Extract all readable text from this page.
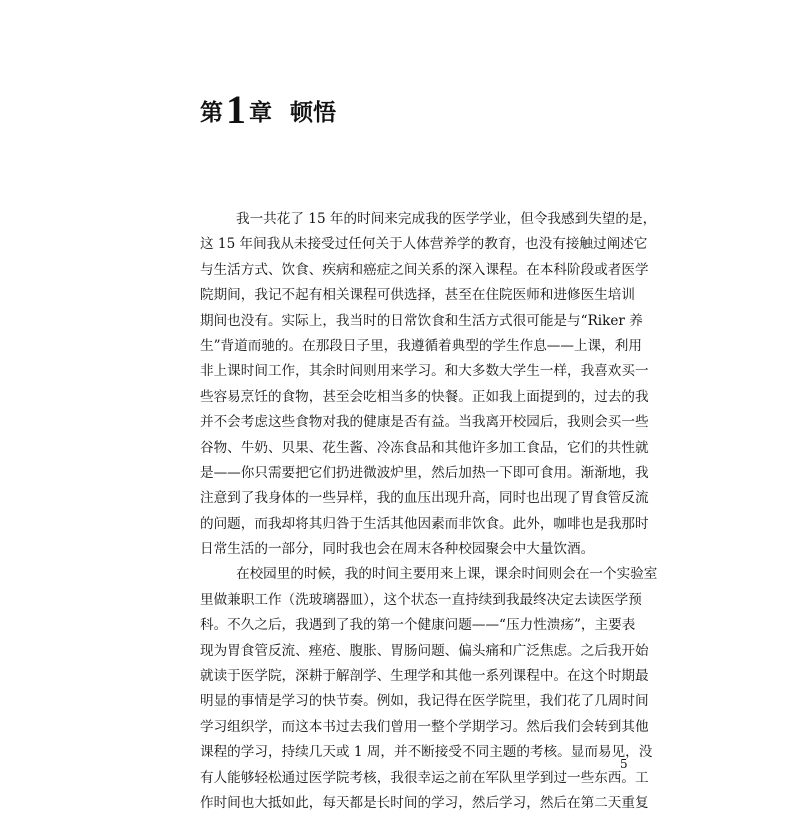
第 1 章 顿悟
我一共花了 15 年的时间来完成我的医学学业，但令我感到失望的是，
这 15 年间我从未接受过任何关于人体营养学的教育，也没有接触过阐述它
与生活方式、饮食、疾病和癌症之间关系的深入课程。在本科阶段或者医学
院期间，我记不起有相关课程可供选择，甚至在住院医师和进修医生培训
期间也没有。实际上，我当时的日常饮食和生活方式很可能是与“Riker 养
生”背道而驰的。在那段日子里，我遵循着典型的学生作息——上课，利用
非上课时间工作，其余时间则用来学习。和大多数大学生一样，我喜欢买一
些容易烹饪的食物，甚至会吃相当多的快餐。正如我上面提到的，过去的我
并不会考虑这些食物对我的健康是否有益。当我离开校园后，我则会买一些
谷物、牛奶、贝果、花生酱、冷冻食品和其他许多加工食品，它们的共性就
是——你只需要把它们扔进微波炉里，然后加热一下即可食用。渐渐地，我
注意到了我身体的一些异样，我的血压出现升高，同时也出现了胃食管反流
的问题，而我却将其归咎于生活其他因素而非饮食。此外，咖啡也是我那时
日常生活的一部分，同时我也会在周末各种校园聚会中大量饮酒。
在校园里的时候，我的时间主要用来上课，课余时间则会在一个实验室
里做兼职工作（洗玻璃器皿），这个状态一直持续到我最终决定去读医学预
科。不久之后，我遇到了我的第一个健康问题——“压力性溃疡”，主要表
现为胃食管反流、痤疮、腹胀、胃肠问题、偏头痛和广泛焦虑。之后我开始
就读于医学院，深耕于解剖学、生理学和其他一系列课程中。在这个时期最
明显的事情是学习的快节奏。例如，我记得在医学院里，我们花了几周时间
学习组织学，而这本书过去我们曾用一整个学期学习。然后我们会转到其他
课程的学习，持续几天或 1 周，并不断接受不同主题的考核。显而易见，没
有人能够轻松通过医学院考核，我很幸运之前在军队里学到过一些东西。工
作时间也大抵如此，每天都是长时间的学习，然后学习，然后在第二天重复
5
